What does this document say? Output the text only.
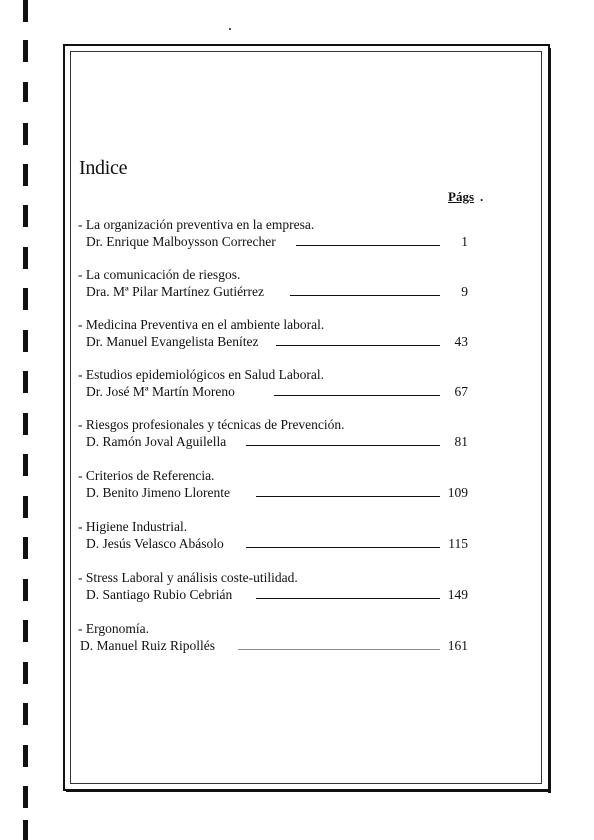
Indice
Págs .
- La organización preventiva en la empresa.
Dr. Enrique Malboysson Correcher	1
- La comunicación de riesgos.
Dra. Mª Pilar Martínez Gutiérrez	9
- Medicina Preventiva en el ambiente laboral.
Dr. Manuel Evangelista Benítez	43
- Estudios epidemiológicos en Salud Laboral.
Dr. José Mª Martín Moreno	67
- Riesgos profesionales y técnicas de Prevención.
D. Ramón Joval Aguilella	81
- Criterios de Referencia.
D. Benito Jimeno Llorente	109
- Higiene Industrial.
D. Jesús Velasco Abásolo	115
- Stress Laboral y análisis coste-utilidad.
D. Santiago Rubio Cebrián	149
- Ergonomía.
D. Manuel Ruiz Ripollés	161
